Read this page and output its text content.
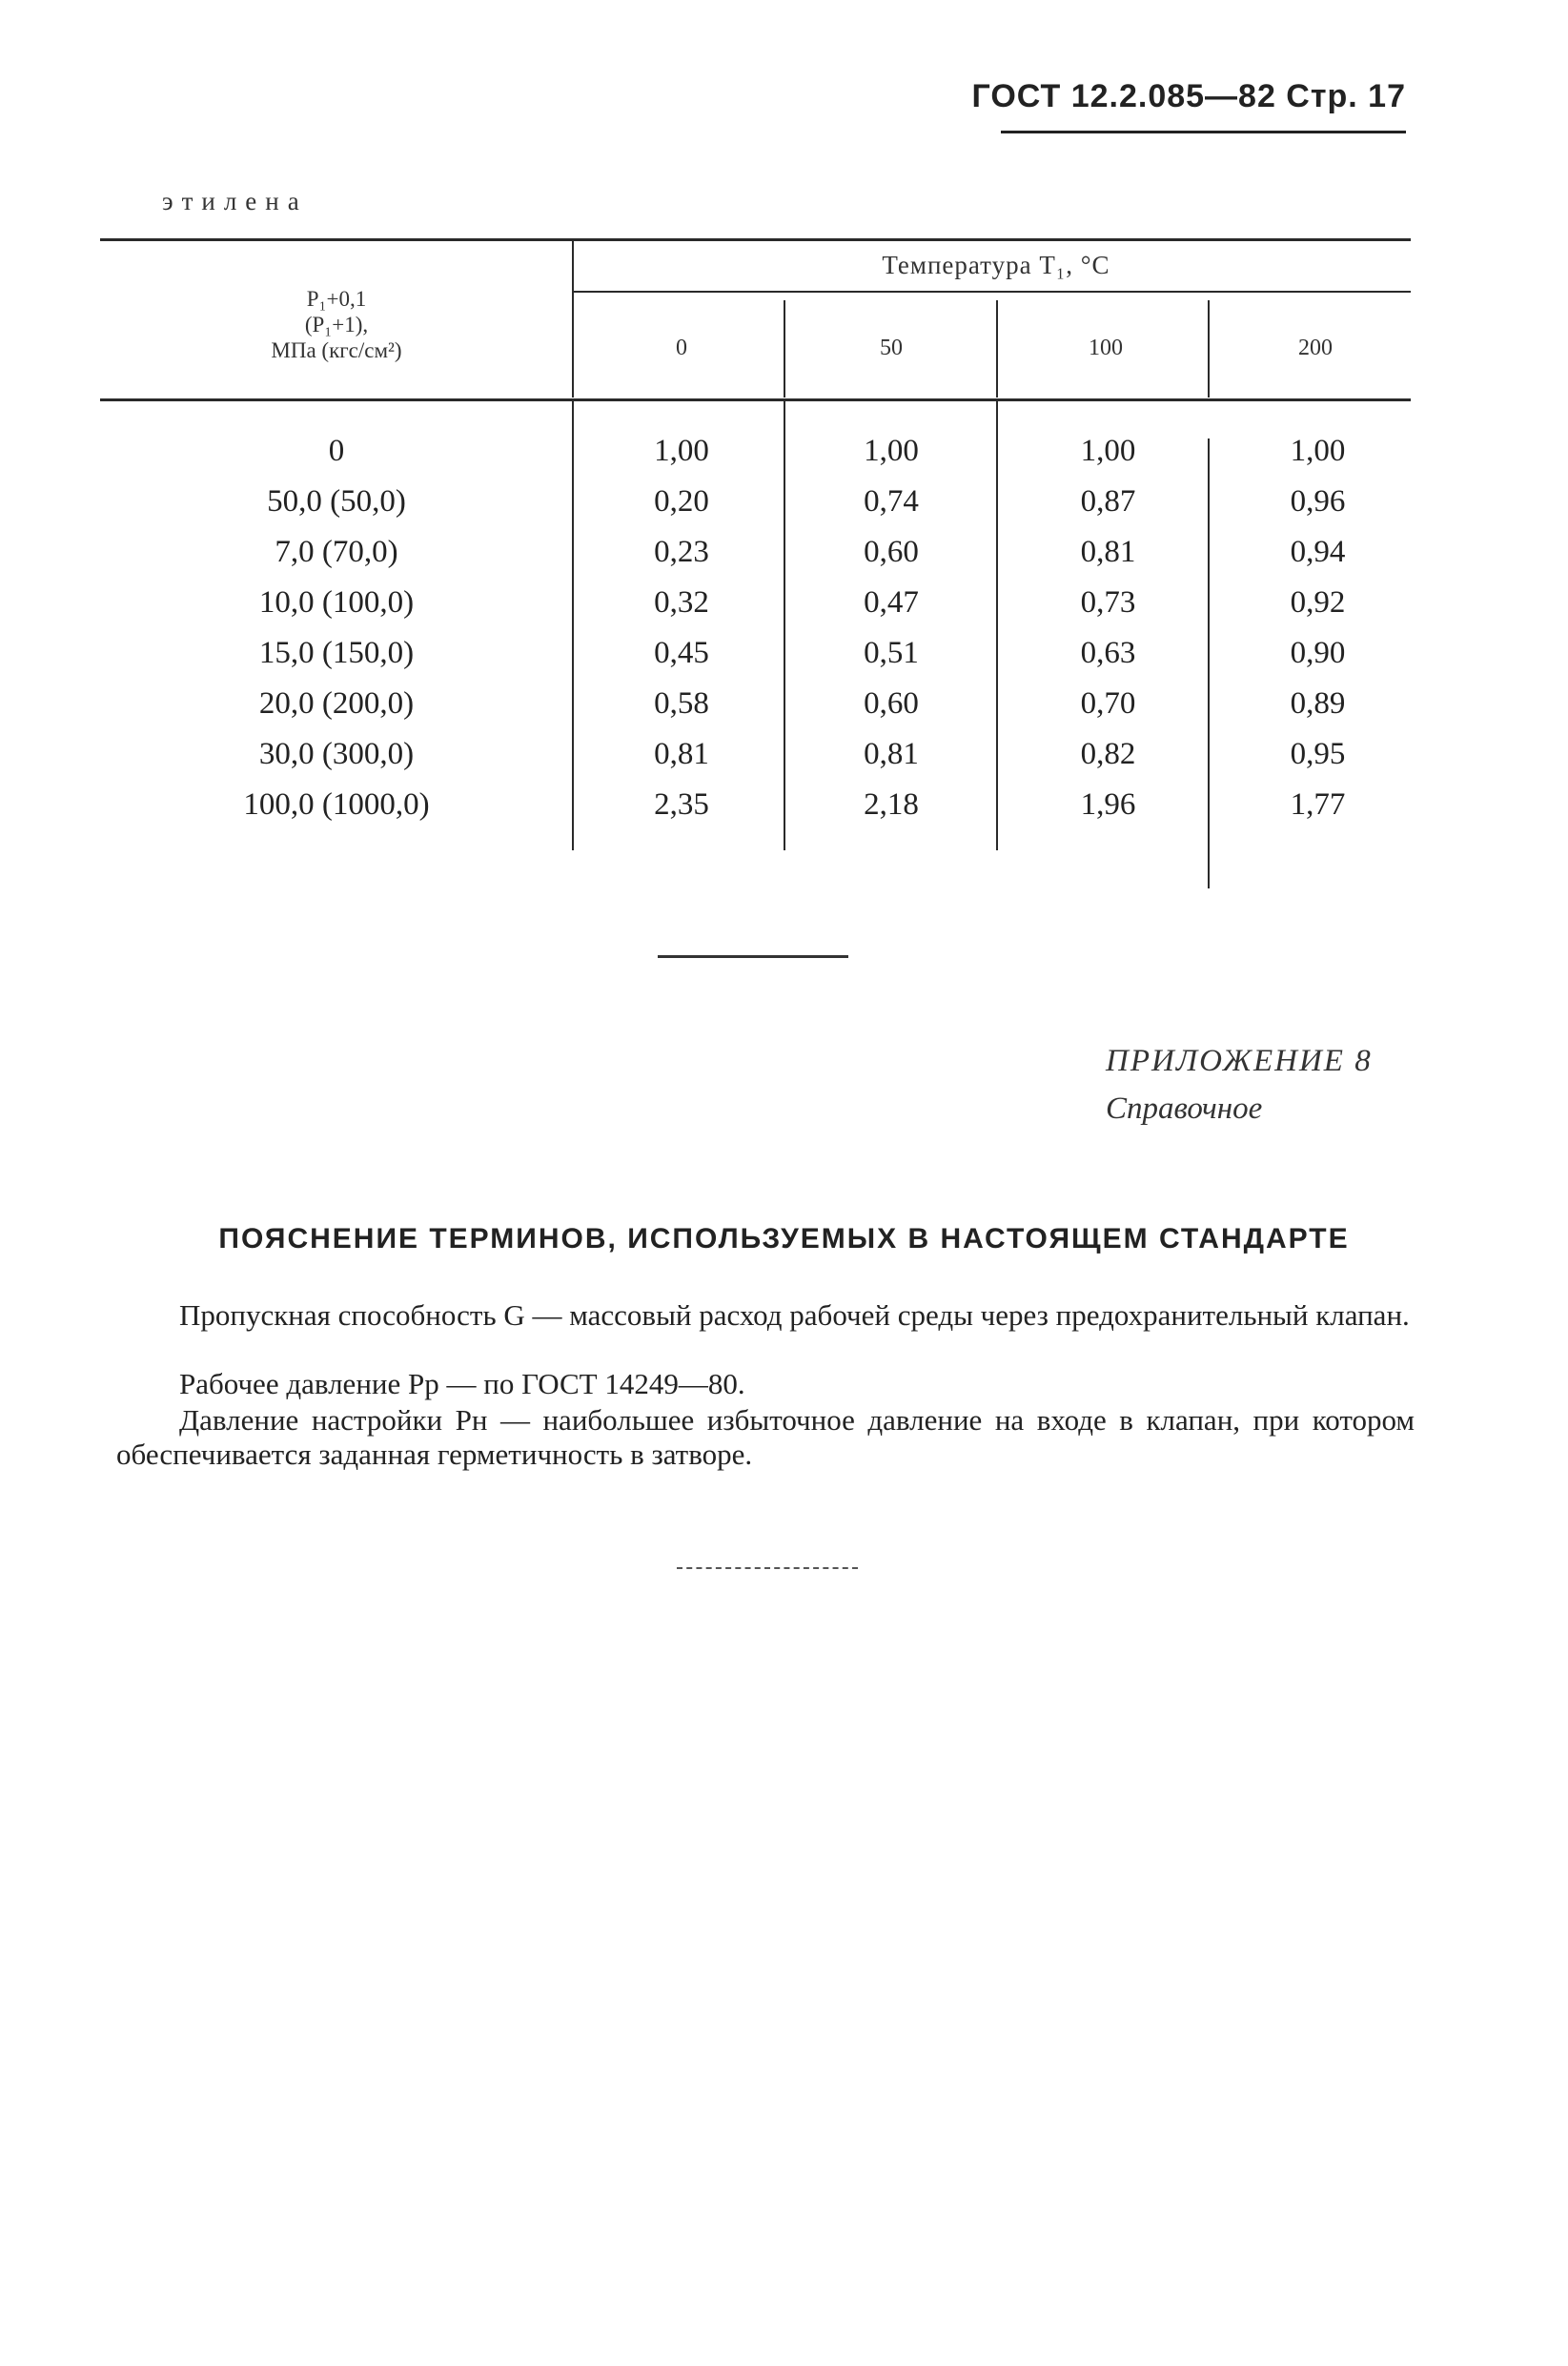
ГОСТ 12.2.085—82 Стр. 17
этилена
P₁+0,1
(P₁+1),
МПа (кгс/см²)
Температура T₁, °C
0	50	100	200
0	1,00	1,00	1,00	1,00
50,0 (50,0)	0,20	0,74	0,87	0,96
7,0 (70,0)	0,23	0,60	0,81	0,94
10,0 (100,0)	0,32	0,47	0,73	0,92
15,0 (150,0)	0,45	0,51	0,63	0,90
20,0 (200,0)	0,58	0,60	0,70	0,89
30,0 (300,0)	0,81	0,81	0,82	0,95
100,0 (1000,0)	2,35	2,18	1,96	1,77
ПРИЛОЖЕНИЕ 8
Справочное
ПОЯСНЕНИЕ ТЕРМИНОВ, ИСПОЛЬЗУЕМЫХ В НАСТОЯЩЕМ СТАНДАРТЕ
Пропускная способность G — массовый расход рабочей среды через предохранительный клапан.
Рабочее давление Pр — по ГОСТ 14249—80.
Давление настройки Pн — наибольшее избыточное давление на входе в клапан, при котором обеспечивается заданная герметичность в затворе.
